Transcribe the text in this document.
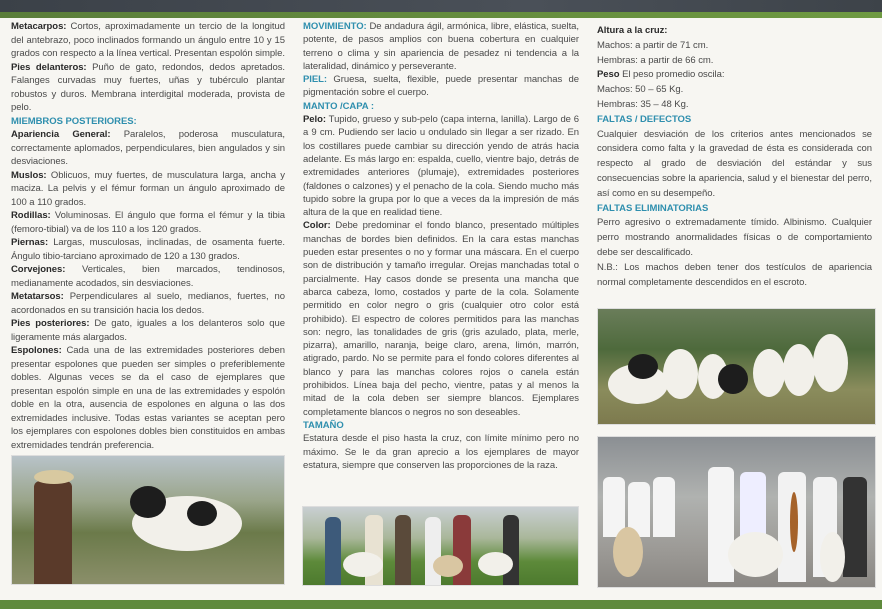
Metacarpos: Cortos, aproximadamente un tercio de la longitud del antebrazo, poco inclinados formando un ángulo entre 10 y 15 grados con respecto a la línea vertical. Presentan espolón simple.

Pies delanteros: Puño de gato, redondos, dedos apretados. Falanges curvadas muy fuertes, uñas y tubérculo plantar robustos y duros. Membrana interdigital moderada, provista de pelo.

MIEMBROS POSTERIORES:

Apariencia General: Paralelos, poderosa musculatura, correctamente aplomados, perpendiculares, bien angulados y sin desviaciones.

Muslos: Oblicuos, muy fuertes, de musculatura larga, ancha y maciza. La pelvis y el fémur forman un ángulo aproximado de 100 a 110 grados.

Rodillas: Voluminosas. El ángulo que forma el fémur y la tibia (femoro-tibial) va de los 110 a los 120 grados.

Piernas: Largas, musculosas, inclinadas, de osamenta fuerte. Ángulo tibio-tarciano aproximado de 120 a 130 grados.

Corvejones: Verticales, bien marcados, tendinosos, medianamente acodados, sin desviaciones.

Metatarsos: Perpendiculares al suelo, medianos, fuertes, no acordonados en su transición hacia los dedos.

Pies posteriores: De gato, iguales a los delanteros solo que ligeramente más alargados.

Espolones: Cada una de las extremidades posteriores deben presentar espolones que pueden ser simples o preferiblemente dobles. Algunas veces se da el caso de ejemplares que presentan espolón simple en una de las extremidades y espolón doble en la otra, ausencia de espolones en alguna o las dos extremidades inclusive. Todas estas variantes se aceptan pero los ejemplares con espolones dobles bien constituidos en ambas extremidades tendrán preferencia.

MOVIMIENTO: De andadura ágil, armónica, libre, elástica, suelta, potente, de pasos amplios con buena cobertura en cualquier terreno o clima y sin apariencia de pesadez ni tendencia a la lateralidad, dinámico y perseverante.

PIEL: Gruesa, suelta, flexible, puede presentar manchas de pigmentación sobre el cuerpo.

MANTO /CAPA :

Pelo: Tupido, grueso y sub-pelo (capa interna, lanilla). Largo de 6 a 9 cm. Pudiendo ser lacio u ondulado sin llegar a ser rizado. En los costillares puede cambiar su dirección yendo de atrás hacia adelante. Es más largo en: espalda, cuello, vientre bajo, detrás de extremidades anteriores (plumaje), extremidades posteriores (faldones o calzones) y el penacho de la cola. Siendo mucho más tupido sobre la grupa por lo que a veces da la impresión de más altura de la que en realidad tiene.

Color: Debe predominar el fondo blanco, presentado múltiples manchas de bordes bien definidos. En la cara estas manchas pueden estar presentes o no y formar una máscara. En el cuerpo son de distribución y tamaño irregular. Orejas manchadas total o parcialmente. Hay casos donde se presenta una mancha que abarca cabeza, lomo, costados y parte de la cola. Solamente permitido en color negro o gris (cualquier otro color está prohibido). El espectro de colores permitidos para las manchas son: negro, las tonalidades de gris (gris azulado, plata, merle, pizarra), amarillo, naranja, beige claro, arena, limón, marrón, atigrado, pardo. No se permite para el fondo colores diferentes al blanco y para las manchas colores rojos o canela están prohibidos. Línea baja del pecho, vientre, patas y al menos la mitad de la cola deben ser siempre blancos. Ejemplares completamente blancos o negros no son deseables.

TAMAÑO

Estatura desde el piso hasta la cruz, con límite mínimo pero no máximo. Se le da gran aprecio a los ejemplares de mayor estatura, siempre que conserven las proporciones de la raza.

Altura a la cruz:

Machos: a partir de 71 cm.

Hembras: a partir de 66 cm.

Peso El peso promedio oscila:

Machos: 50 – 65 Kg.

Hembras: 35 – 48 Kg.

FALTAS / DEFECTOS

Cualquier desviación de los criterios antes mencionados se considera como falta y la gravedad de ésta es considerada con respecto al grado de desviación del estándar y sus consecuencias sobre la apariencia, salud y el bienestar del perro, así como en su desempeño.

FALTAS ELIMINATORIAS

Perro agresivo o extremadamente tímido. Albinismo. Cualquier perro mostrando anormalidades físicas o de comportamiento debe ser descalificado.

N.B.: Los machos deben tener dos testículos de apariencia normal completamente descendidos en el escroto.
